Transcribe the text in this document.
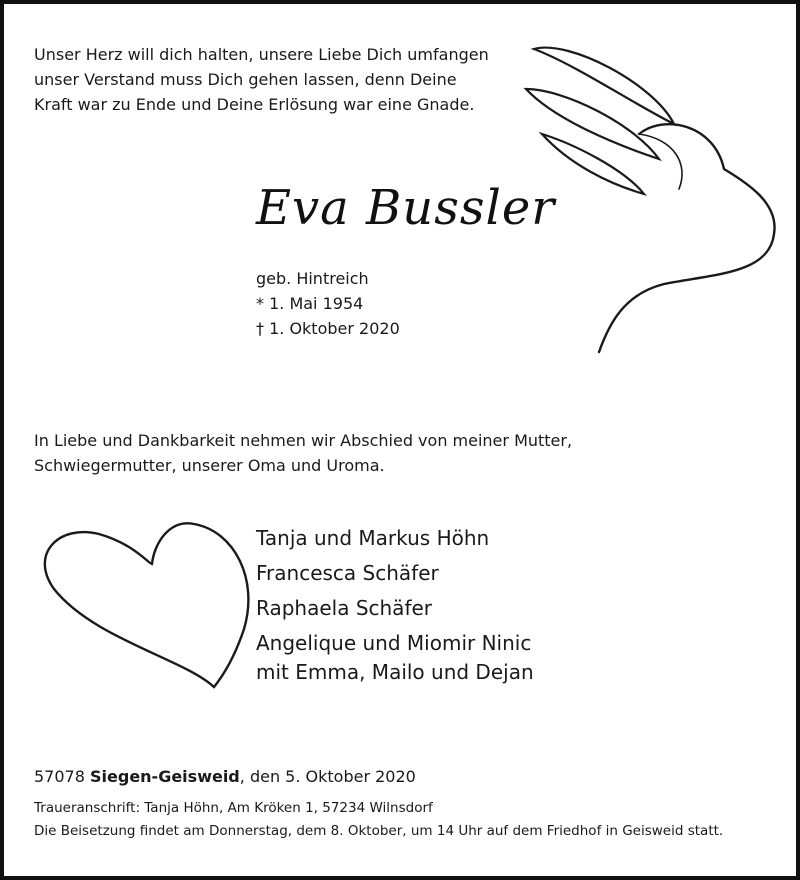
Unser Herz will dich halten, unsere Liebe Dich umfangen
unser Verstand muss Dich gehen lassen, denn Deine
Kraft war zu Ende und Deine Erlösung war eine Gnade.
Eva Bussler
geb. Hintreich
* 1. Mai 1954
† 1. Oktober 2020
In Liebe und Dankbarkeit nehmen wir Abschied von meiner Mutter,
Schwiegermutter, unserer Oma und Uroma.
Tanja und Markus Höhn
Francesca Schäfer
Raphaela Schäfer
Angelique und Miomir Ninic
mit Emma, Mailo und Dejan
57078 Siegen-Geisweid, den 5. Oktober 2020
Traueranschrift: Tanja Höhn, Am Kröken 1, 57234 Wilnsdorf
Die Beisetzung findet am Donnerstag, dem 8. Oktober, um 14 Uhr auf dem Friedhof in Geisweid statt.
